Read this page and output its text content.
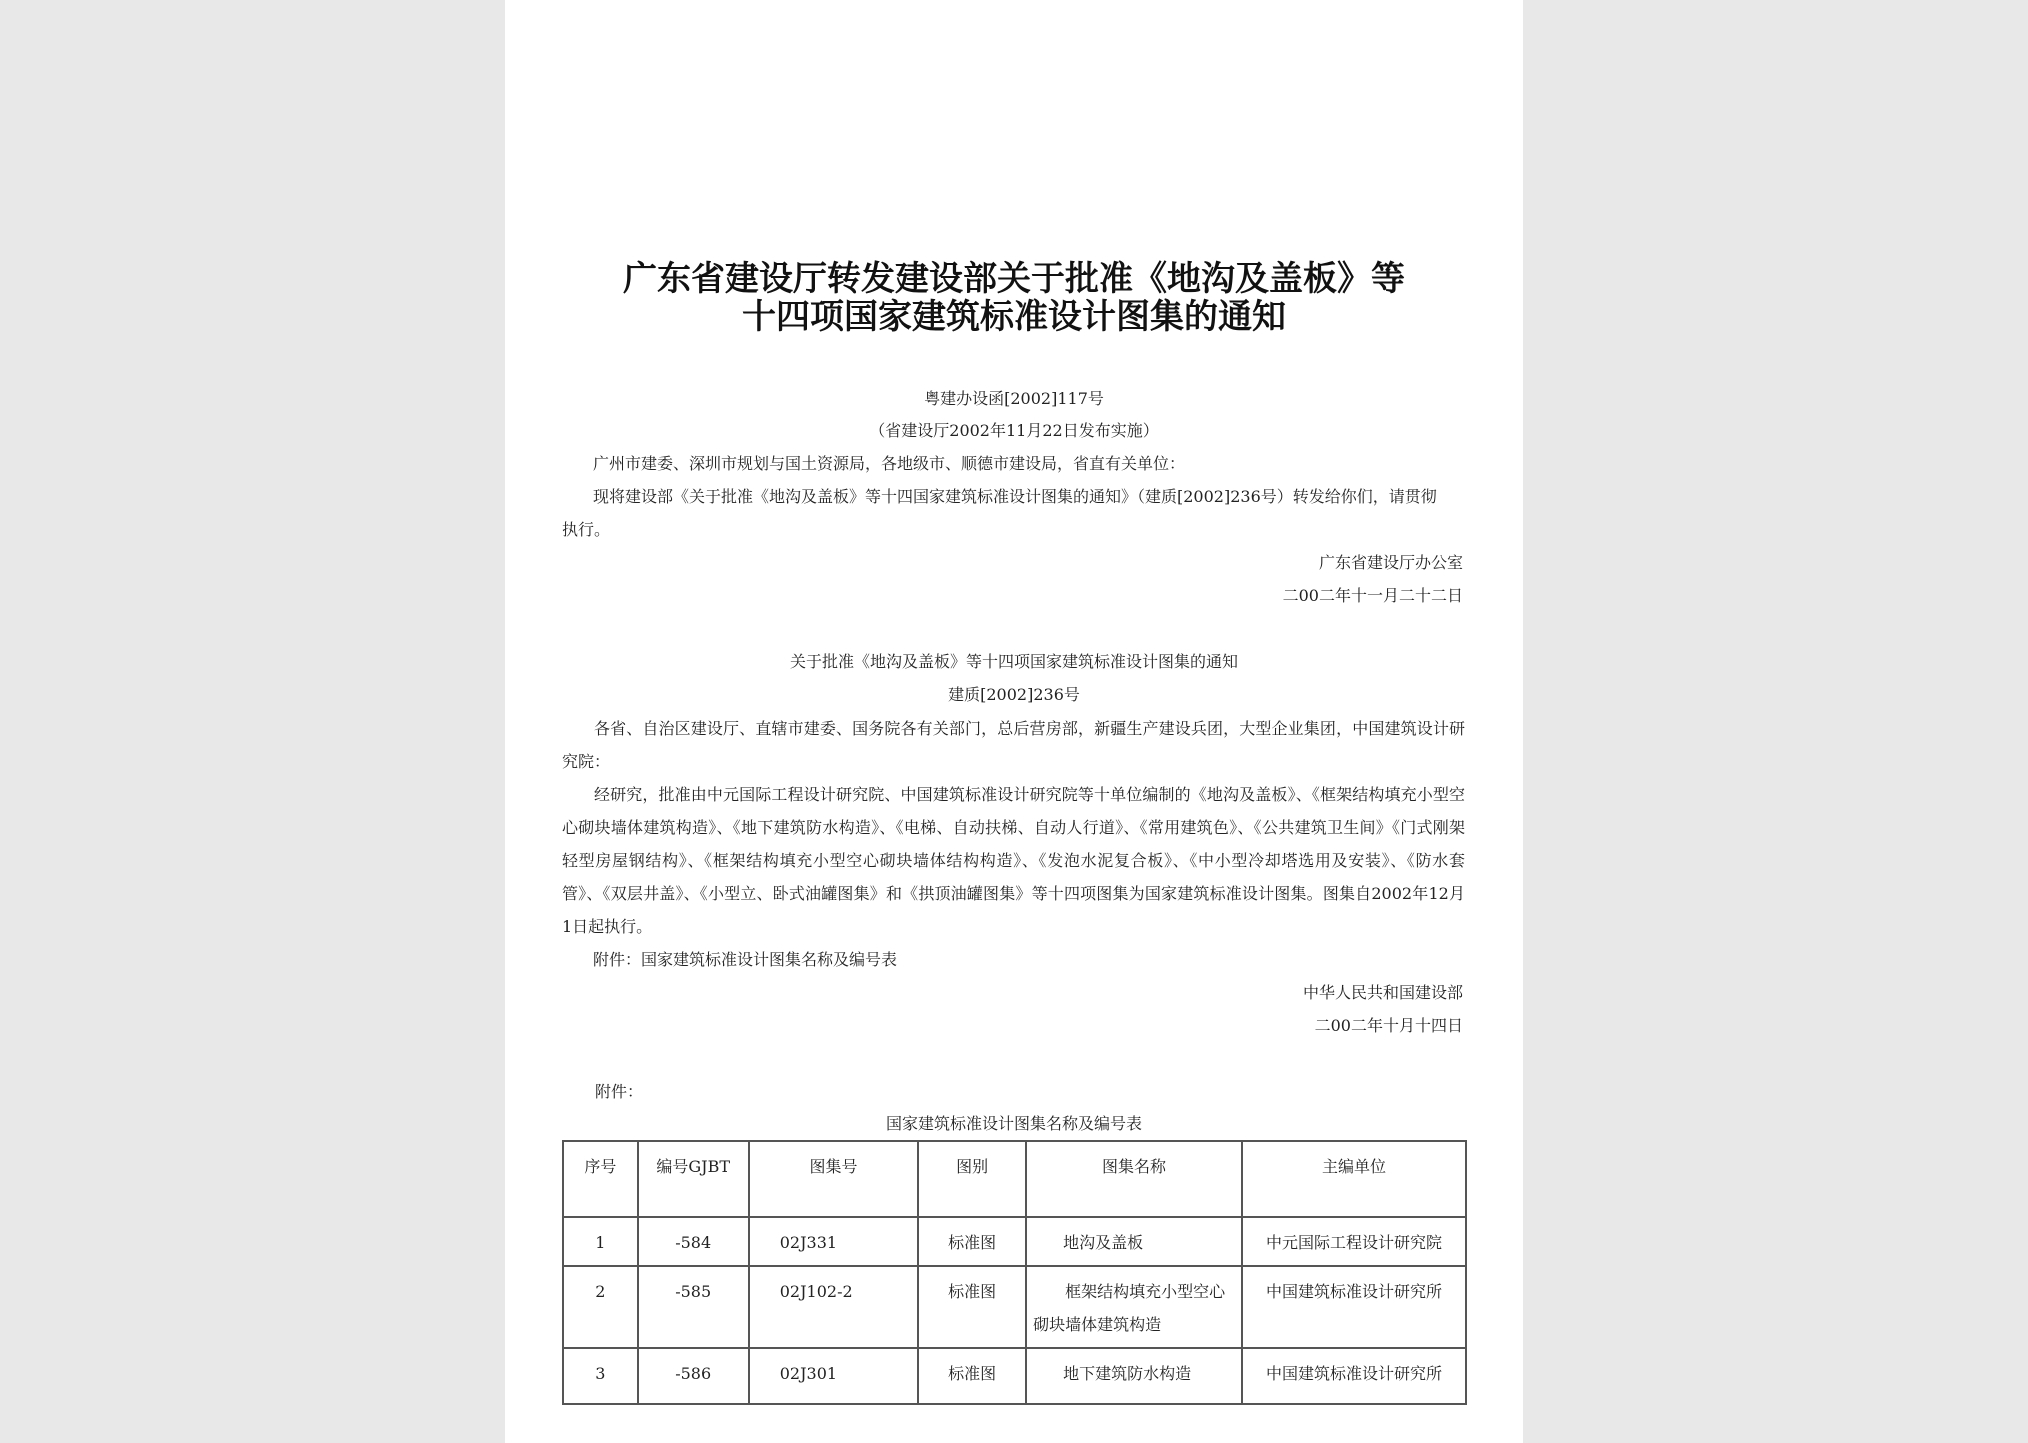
广东省建设厅转发建设部关于批准《地沟及盖板》等
十四项国家建筑标准设计图集的通知
粤建办设函[2002]117号
（省建设厅2002年11月22日发布实施）
广州市建委、深圳市规划与国土资源局，各地级市、顺德市建设局，省直有关单位：
现将建设部《关于批准《地沟及盖板》等十四国家建筑标准设计图集的通知》（建质[2002]236号）转发给你们，请贯彻
执行。
广东省建设厅办公室
二00二年十一月二十二日
关于批准《地沟及盖板》等十四项国家建筑标准设计图集的通知
建质[2002]236号
各省、自治区建设厅、直辖市建委、国务院各有关部门，总后营房部，新疆生产建设兵团，大型企业集团，中国建筑设计研究院：
经研究，批准由中元国际工程设计研究院、中国建筑标准设计研究院等十单位编制的《地沟及盖板》、《框架结构填充小型空心砌块墙体建筑构造》、《地下建筑防水构造》、《电梯、自动扶梯、自动人行道》、《常用建筑色》、《公共建筑卫生间》《门式刚架轻型房屋钢结构》、《框架结构填充小型空心砌块墙体结构构造》、《发泡水泥复合板》、《中小型冷却塔选用及安装》、《防水套管》、《双层井盖》、《小型立、卧式油罐图集》和《拱顶油罐图集》等十四项图集为国家建筑标准设计图集。图集自2002年12月1日起执行。
附件：国家建筑标准设计图集名称及编号表
中华人民共和国建设部
二00二年十月十四日
附件：
国家建筑标准设计图集名称及编号表
序号	编号GJBT	图集号	图别	图集名称	主编单位
1	-584	02J331	标准图	地沟及盖板	中元国际工程设计研究院
2	-585	02J102-2	标准图	框架结构填充小型空心砌块墙体建筑构造	中国建筑标准设计研究所
3	-586	02J301	标准图	地下建筑防水构造	中国建筑标准设计研究所
